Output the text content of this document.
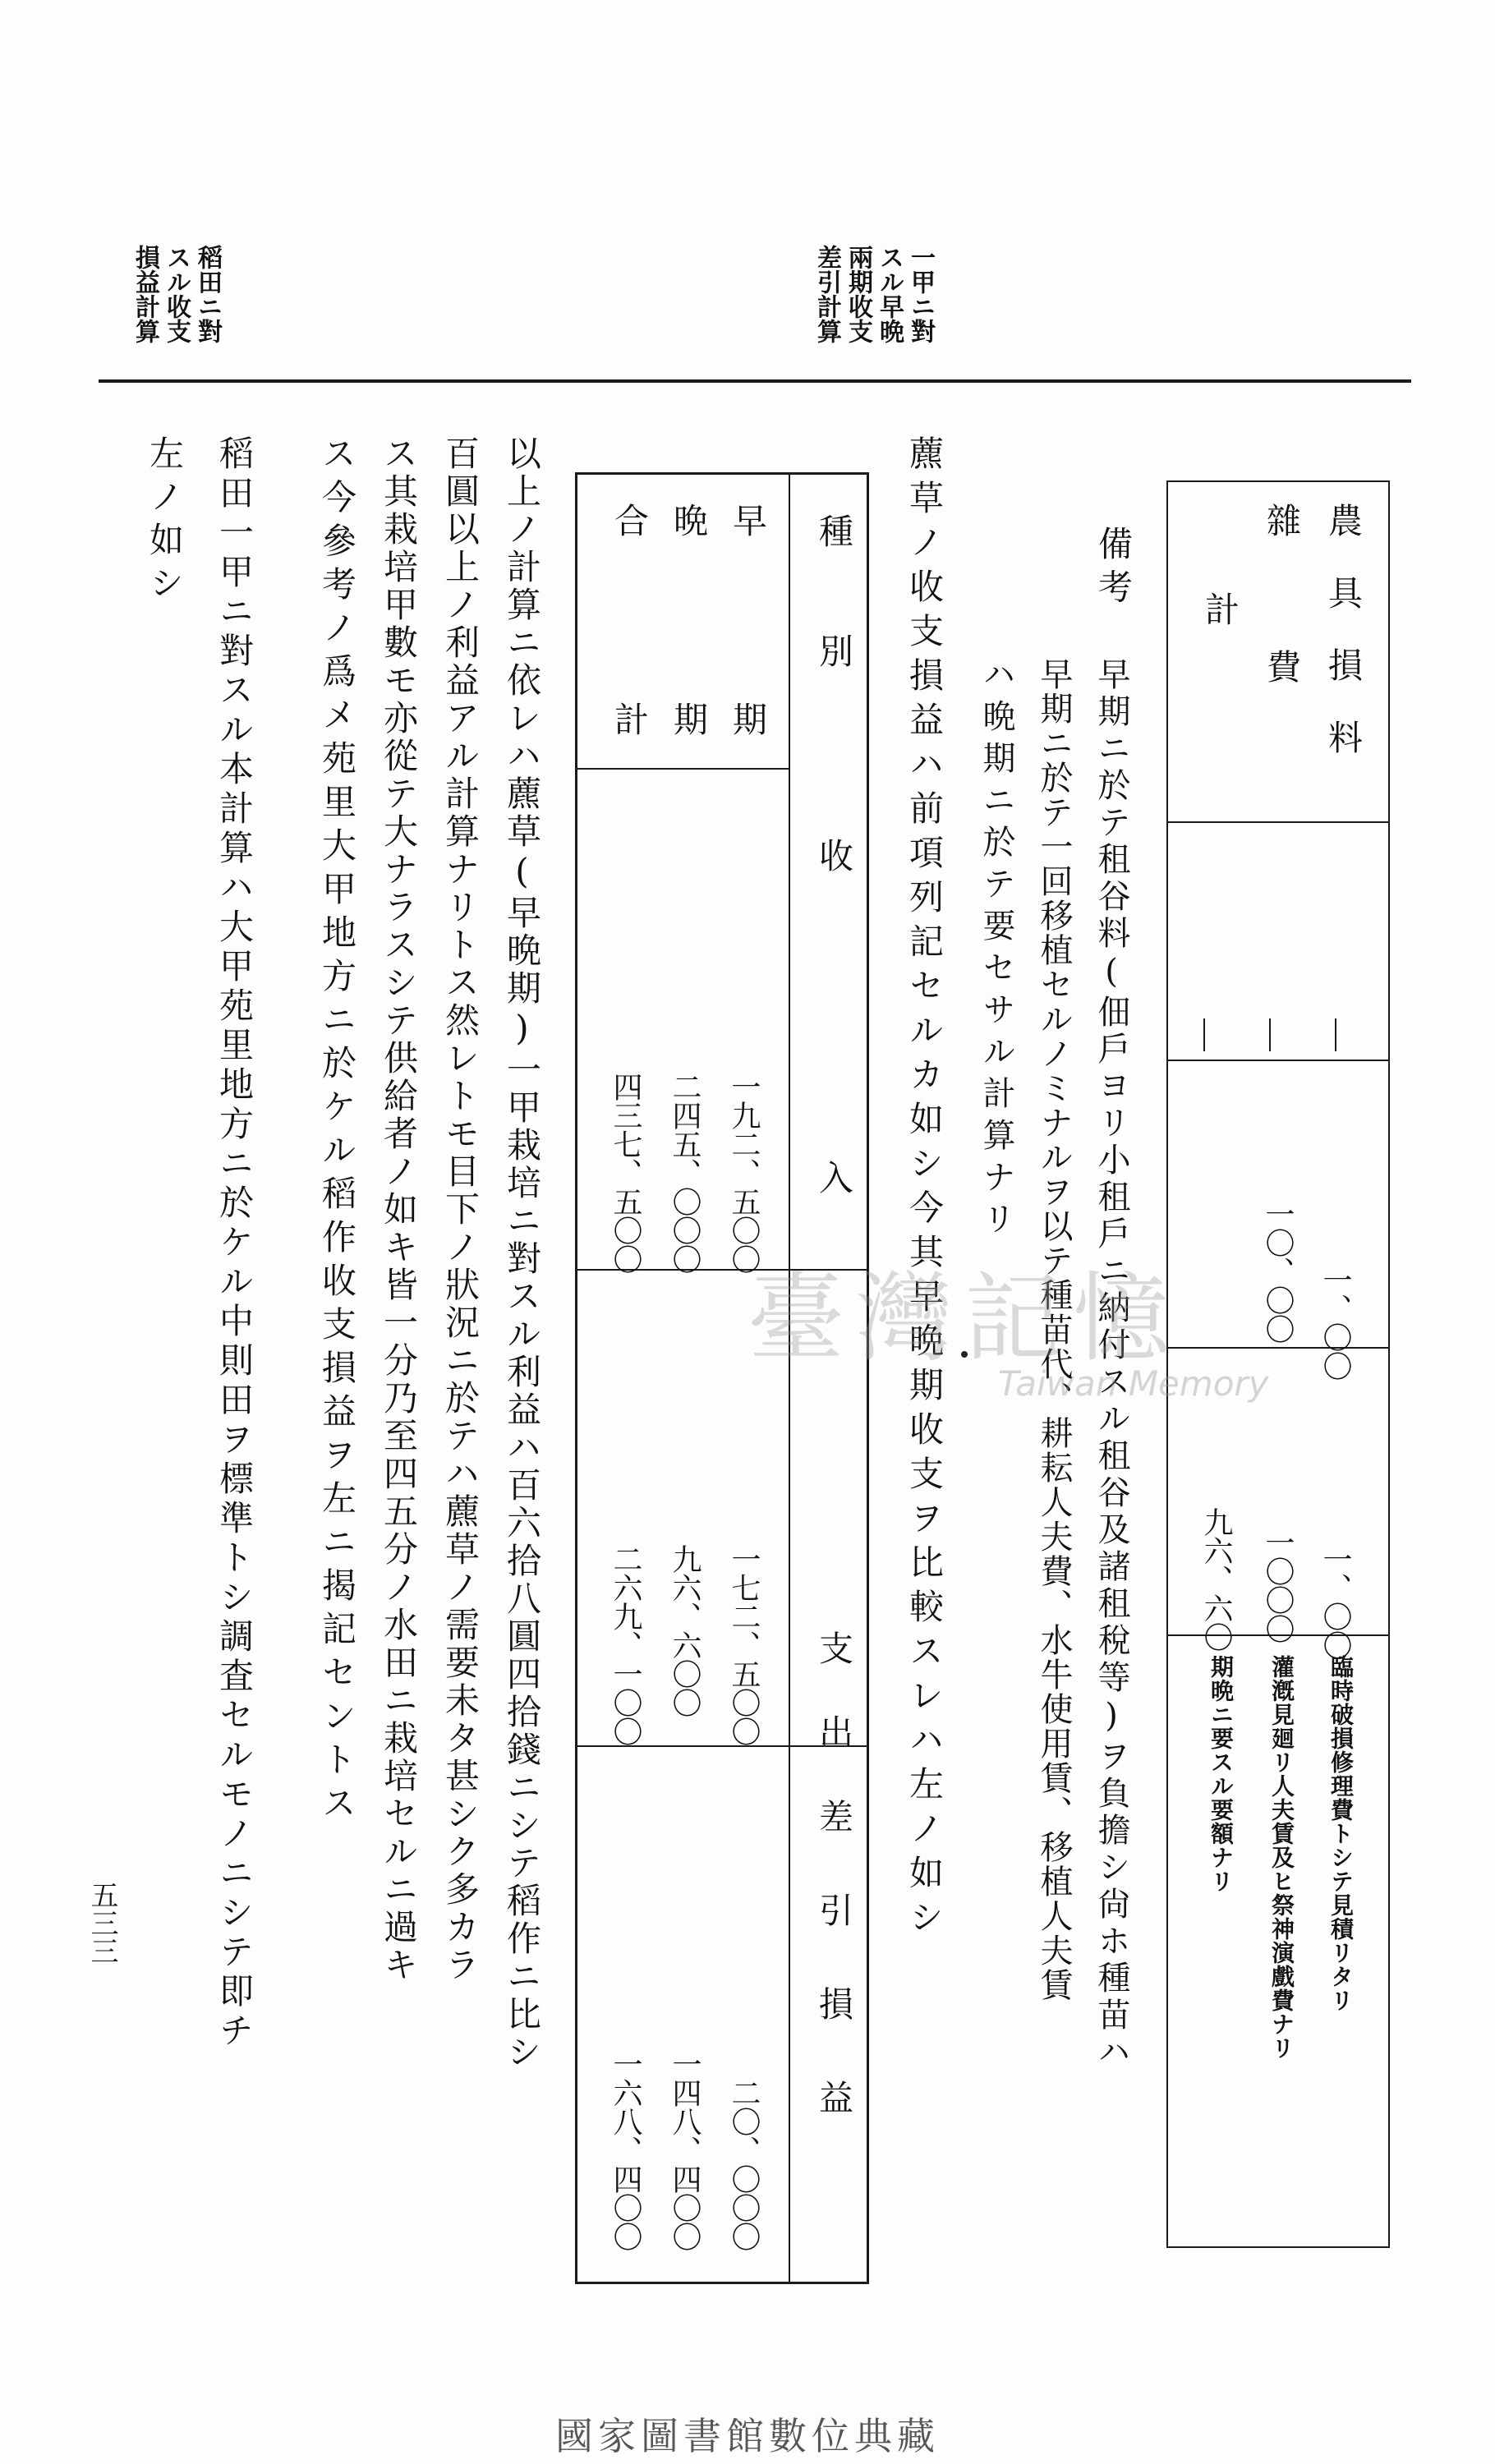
一甲ニ對
スル早晩
兩期收支
差引計算
稻田ニ對
スル收支
損益計算
農具損料
雜費
計
一、〇〇
一〇、〇〇
一、〇〇
一〇〇〇
九六、六〇
臨時破損修理費トシテ見積リタリ
灌漑見廻リ人夫賃及ヒ祭神演戲費ナリ
期晩ニ要スル要額ナリ
備考
早期ニ於テ租谷料(佃戶ヨリ小租戶ニ納付スル租谷及諸租稅等)ヲ負擔シ尙ホ種苗ハ
早期ニ於テ一回移植セルノミナルヲ以テ種苗代、耕耘人夫費、水牛使用賃、移植人夫賃
ハ晩期ニ於テ要セサル計算ナリ
藨草ノ收支損益ハ前項列記セルカ如シ今其早晩期收支ヲ比較スレハ左ノ如シ
種別
收入
支出
差引損益
早期
晩期
合計
一九二、五〇〇
二四五、〇〇〇
四三七、五〇〇
一七二、五〇〇
九六、六〇〇
二六九、一〇〇
二〇、〇〇〇
一四八、四〇〇
一六八、四〇〇
以上ノ計算ニ依レハ藨草(早晩期)一甲栽培ニ對スル利益ハ百六拾八圓四拾錢ニシテ稻作ニ比シ
百圓以上ノ利益アル計算ナリトス然レトモ目下ノ狀況ニ於テハ藨草ノ需要未タ甚シク多カラ
ス其栽培甲數モ亦從テ大ナラスシテ供給者ノ如キ皆一分乃至四五分ノ水田ニ栽培セルニ過キ
ス今參考ノ爲メ苑里大甲地方ニ於ケル稻作收支損益ヲ左ニ揭記セントス
稻田一甲ニ對スル本計算ハ大甲苑里地方ニ於ケル中則田ヲ標準トシ調査セルモノニシテ即チ
左ノ如シ
五三三
臺灣記憶
Taiwan Memory
國家圖書館數位典藏
